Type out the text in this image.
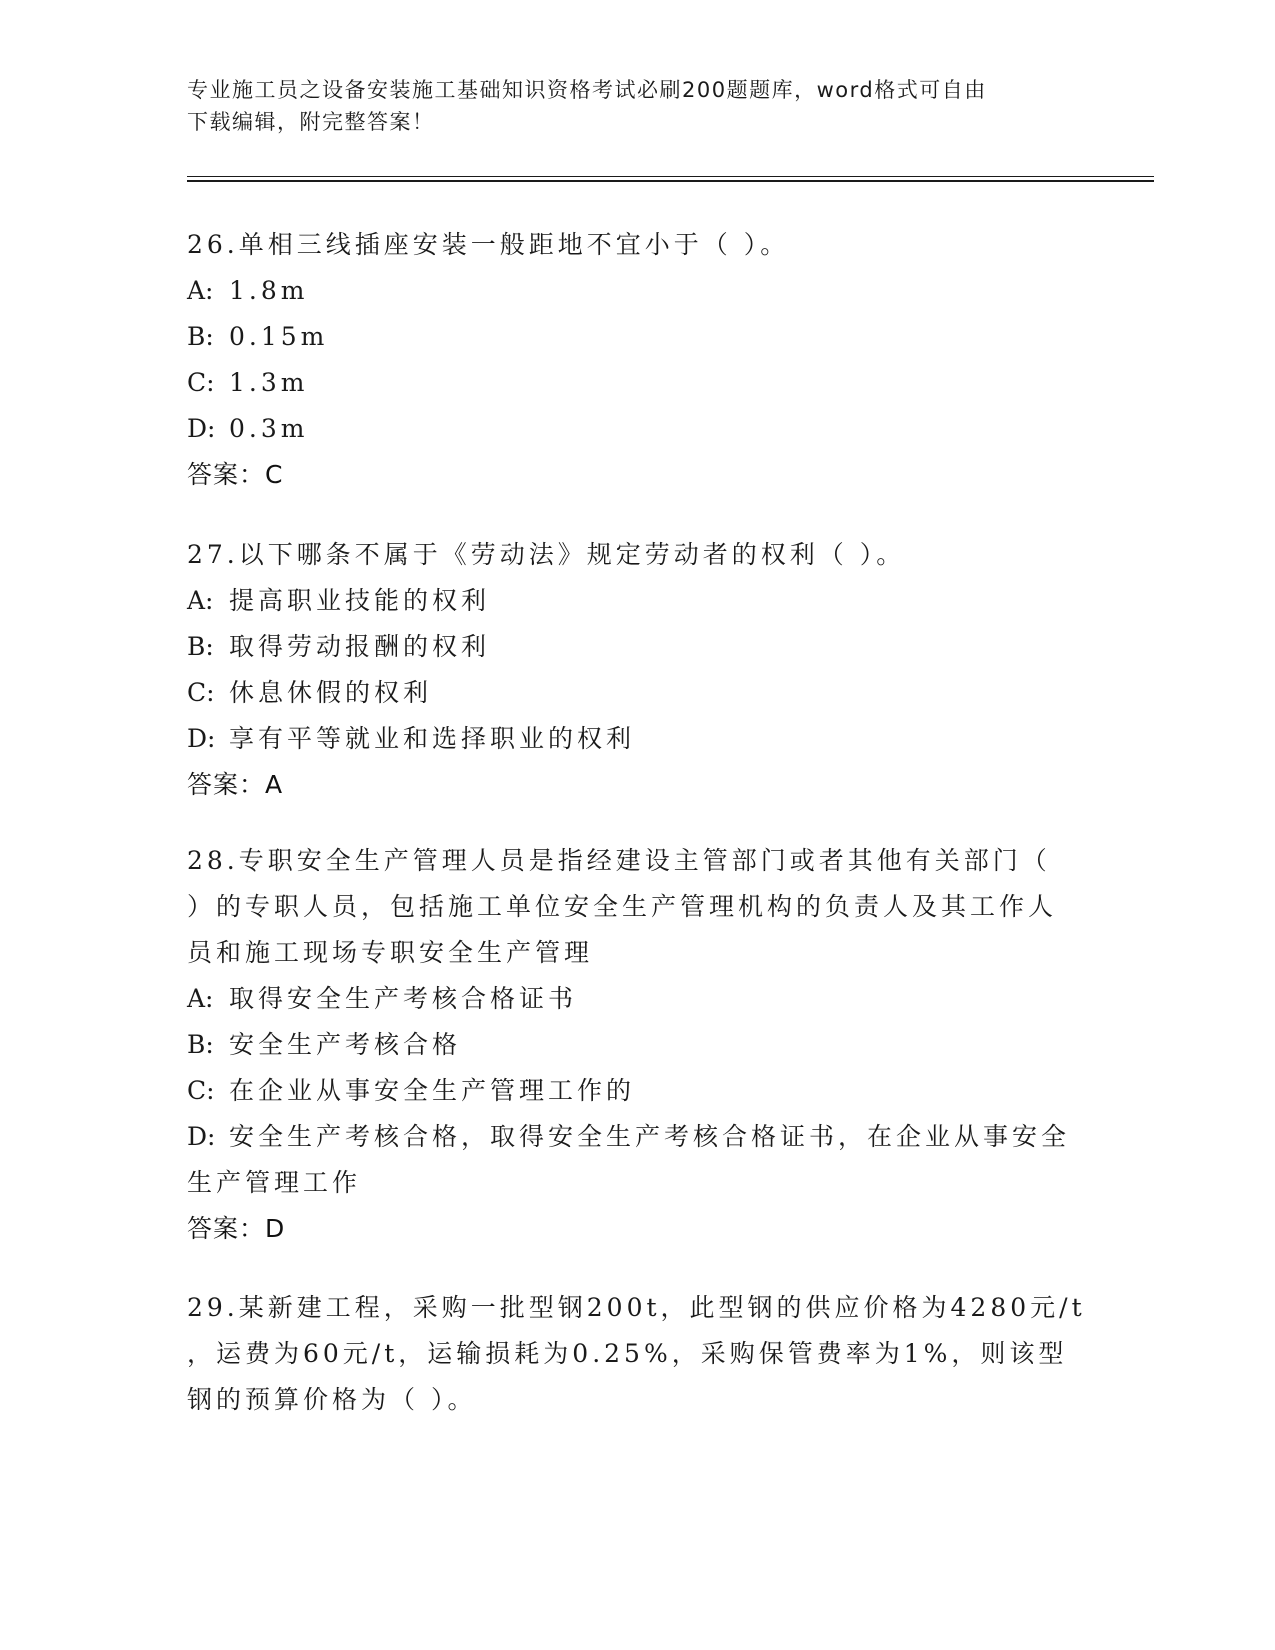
专业施工员之设备安装施工基础知识资格考试必刷200题题库，word格式可自由
下载编辑，附完整答案！
26.单相三线插座安装一般距地不宜小于（ ）。
A: 1.8m
B: 0.15m
C: 1.3m
D: 0.3m
答案：C
27.以下哪条不属于《劳动法》规定劳动者的权利（ ）。
A: 提高职业技能的权利
B: 取得劳动报酬的权利
C: 休息休假的权利
D: 享有平等就业和选择职业的权利
答案：A
28.专职安全生产管理人员是指经建设主管部门或者其他有关部门（
）的专职人员，包括施工单位安全生产管理机构的负责人及其工作人
员和施工现场专职安全生产管理
A: 取得安全生产考核合格证书
B: 安全生产考核合格
C: 在企业从事安全生产管理工作的
D: 安全生产考核合格，取得安全生产考核合格证书，在企业从事安全
生产管理工作
答案：D
29.某新建工程，采购一批型钢200t，此型钢的供应价格为4280元/t
，运费为60元/t，运输损耗为0.25%，采购保管费率为1%，则该型
钢的预算价格为（ ）。
